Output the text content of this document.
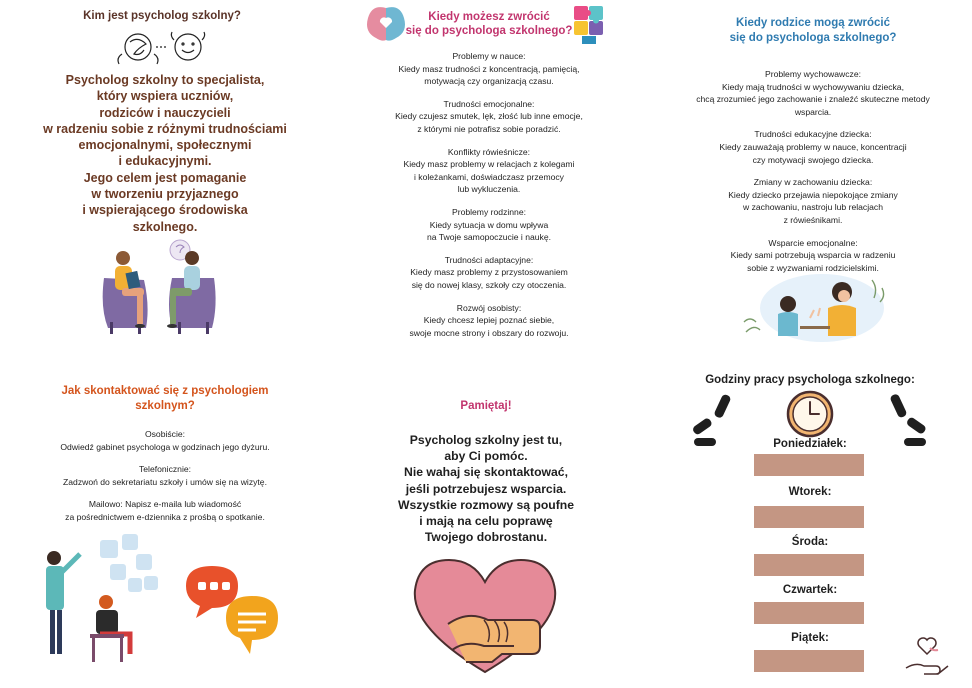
Kim jest psycholog szkolny?
Psycholog szkolny to specjalista,
który wspiera uczniów,
rodziców i nauczycieli
w radzeniu sobie z różnymi trudnościami
emocjonalnymi, społecznymi
i edukacyjnymi.
Jego celem jest pomaganie
w tworzeniu przyjaznego
i wspierającego środowiska
szkolnego.
Kiedy możesz zwrócić
się do psychologa szkolnego?
Problemy w nauce:
Kiedy masz trudności z koncentracją, pamięcią,
motywacją czy organizacją czasu.
Trudności emocjonalne:
Kiedy czujesz smutek, lęk, złość lub inne emocje,
z którymi nie potrafisz sobie poradzić.
Konflikty rówieśnicze:
Kiedy masz problemy w relacjach z kolegami
i koleżankami, doświadczasz przemocy
lub wykluczenia.
Problemy rodzinne:
Kiedy sytuacja w domu wpływa
na Twoje samopoczucie i naukę.
Trudności adaptacyjne:
Kiedy masz problemy z przystosowaniem
się do nowej klasy, szkoły czy otoczenia.
Rozwój osobisty:
Kiedy chcesz lepiej poznać siebie,
swoje mocne strony i obszary do rozwoju.
Kiedy rodzice mogą zwrócić
się do psychologa szkolnego?
Problemy wychowawcze:
Kiedy mają trudności w wychowywaniu dziecka,
chcą zrozumieć jego zachowanie i znaleźć skuteczne metody
wsparcia.
Trudności edukacyjne dziecka:
Kiedy zauważają problemy w nauce, koncentracji
czy motywacji swojego dziecka.
Zmiany w zachowaniu dziecka:
Kiedy dziecko przejawia niepokojące zmiany
w zachowaniu, nastroju lub relacjach
z rówieśnikami.
Wsparcie emocjonalne:
Kiedy sami potrzebują wsparcia w radzeniu
sobie z wyzwaniami rodzicielskimi.
Jak skontaktować się z psychologiem
szkolnym?
Osobiście:
Odwiedź gabinet psychologa w godzinach jego dyżuru.
Telefonicznie:
Zadzwoń do sekretariatu szkoły i umów się na wizytę.
Mailowo: Napisz e-maila lub wiadomość
za pośrednictwem e-dziennika z prośbą o spotkanie.
Pamiętaj!
Psycholog szkolny jest tu,
aby Ci pomóc.
Nie wahaj się skontaktować,
jeśli potrzebujesz wsparcia.
Wszystkie rozmowy są poufne
i mają na celu poprawę
Twojego dobrostanu.
Godziny pracy psychologa szkolnego:
Poniedziałek:
Wtorek:
Środa:
Czwartek:
Piątek:
